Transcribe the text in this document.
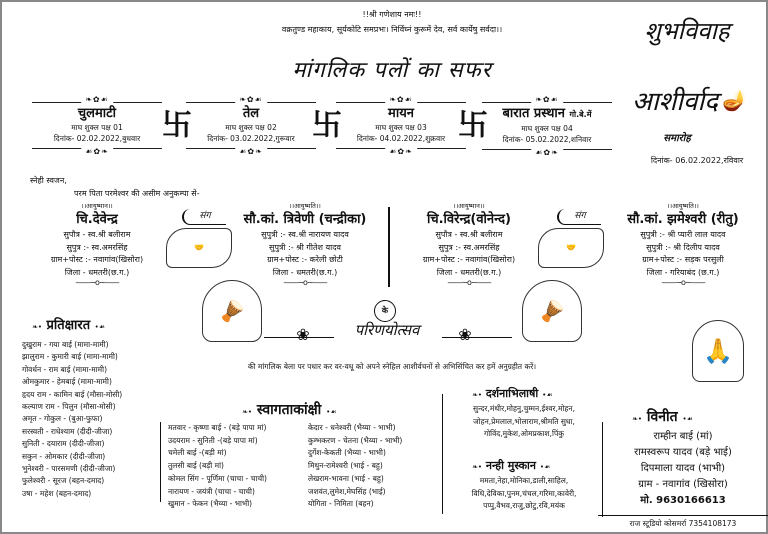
!!श्री गणेशाय नमः!!
वक्रतुण्ड महाकाय, सूर्यकोटि समप्रभः। निर्विघ्नं कुरूमें देव, सर्व कार्येषु सर्वदा।।
मांगलिक पलों का सफर
❧✿☙
चुलमाटी
माघ शुक्ल पक्ष 01
दिनांक- 02.02.2022,बुधवार
☙✿❧
卐
❧✿☙
तेल
माघ शुक्ल पक्ष 02
दिनांक- 03.02.2022,गुरूवार
☙✿❧
卐
❧✿☙
मायन
माघ शुक्ल पक्ष 03
दिनांक- 04.02.2022,शुक्रवार
☙✿❧
卐
❧✿☙
बारात प्रस्थान गो.बे.में
माघ शुक्ल पक्ष 04
दिनांक- 05.02.2022,शनिवार
☙✿❧
शुभविवाह
आशीर्वाद 🪔
समारोह
दिनांक- 06.02.2022,रविवार
स्नेही स्वजन,
परम पिता परमेश्वर की असीम अनुकम्पा से-
।।आयुष्मान।।
चि.देवेन्द्र
सुपौत्र - स्व.श्री बलीराम
सुपुत्र :- स्व.अमरसिंह
ग्राम+पोस्ट :- नवागांव(खिसोरा)
जिला - धमतरी(छ.ग.)
——∼o∼——
संग
🤝
।।आयुष्मति।।
सौ.कां. त्रिवेणी (चन्द्रीका)
सुपुत्री :- स्व.श्री नारायण यादव
सुपुत्री :- श्री गीतेश यादव
ग्राम+पोस्ट :- करेली छोटी
जिला - धमतरी(छ.ग.)
——∼o∼——
।।आयुष्मान।।
चि.विरेन्द्र(वोनेन्द)
सुपौत्र - स्व.श्री बलीराम
सुपुत्र :- स्व.अमरसिंह
ग्राम+पोस्ट :- नवागांव(खिसोरा)
जिला - धमतरी(छ.ग.)
——∼o∼——
संग
🤝
।।आयुष्मति।।
सौ.कां. झमेश्वरी (रीतु)
सुपुत्री :- श्री प्यारी लाल यादव
सुपुत्री :- श्री दिलीप यादव
ग्राम+पोस्ट :- सड़क परसुली
जिला - गरियाबंद (छ.ग.)
——∼o∼——
🪘	🪘
के
❀	परिणयोत्सव	❀
की मांगलिक बेला पर पधार कर वर-वधू को अपने स्नेहिल आशीर्वचनों से अभिसिंचित कर हमें अनुग्रहीत करें।
❧• प्रतिक्षारत •☙
दुखुराम - गया बाई (मामा-मामी)
झालुराम - कुमारी बाई (मामा-मामी)
गोवर्धन - राम बाई (मामा-मामी)
ओमकुमार - हेमबाई (मामा-मामी)
हृदय राम - कामिन बाई (मौसा-मोसी)
कल्याण राम - पिलुन (मौसा-मोसी)
अमृत - गोकुल - (बुआ-फुफा)
सरस्वती - राधेश्याम (दीदी-जीजा)
सुनिती - दयाराम (दीदी-जीजा)
सकुन - ओमकार (दीदी-जीजा)
भुनेश्वरी - पारसमणी (दीदी-जीजा)
फुलेश्वरी - सूरज (बहन-दमाद)
उषा - महेश (बहन-दमाद)
❧• स्वागताकांक्षी •☙
मतवार - कृष्णा बाई - (बड़े पापा मां)
उदयराम - सुनिती -(बड़े पापा मां)
चमेली बाई -(बड़ी मां)
तुलसी बाई (बड़ी मां)
कोमल सिंग - पूर्णिमा (चाचा - चाची)
नारायण - जयंत्री (चाचा - चाची)
खुमान - फेकन (भैय्या - भाभी)
केदार - धनेश्वरी (भैय्या - भाभी)
कुम्भकरण - चेतना (भैय्या - भाभी)
दुर्गेश-केकती (भैय्या - भाभी)
मिथुन-रामेश्वरी (भाई - बहु)
लेखराम-भावना (भाई - बहु)
जशवंत,लुमेश,मेघसिंह (भाई)
योगिता - निमिता (बहन)
❧• दर्शनाभिलाषी •☙
सुन्दर,मंथीर,मोहनु,चुम्मन,ईश्वर,मोहन,
जोहन,प्रेमलाल,भोलाराम,श्रीमति सुधा,
गोविंद,मुकेश,ओमप्रकाश,पिंकु
❧• नन्ही मुस्कान •☙
ममता,नेहा,मोनिका,डाली,साहिल,
विधि,देविका,पुनम,चंचल,गरिमा,कावेरी,
पप्पु,वैभव,राजु,छोटु,रवि,मयंक
🙏
❧• विनीत •☙
राम्हीन बाई (मां)
रामस्वरूप यादव (बड़े भाई)
दिपमाला यादव (भाभी)
ग्राम - नवागांव (खिसोरा)
मो. 9630166613
राज स्टूडियो कोसमर्रा 7354108173
